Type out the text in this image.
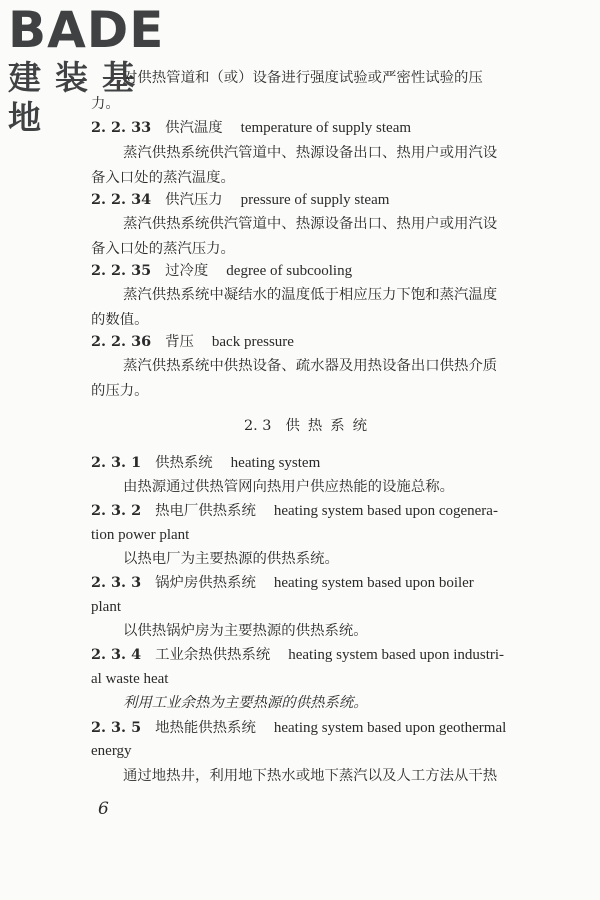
BADE
建装基地
对供热管道和（或）设备进行强度试验或严密性试验的压
力。
2. 2. 33 供汽温度 temperature of supply steam
蒸汽供热系统供汽管道中、热源设备出口、热用户或用汽设
备入口处的蒸汽温度。
2. 2. 34 供汽压力 pressure of supply steam
蒸汽供热系统供汽管道中、热源设备出口、热用户或用汽设
备入口处的蒸汽压力。
2. 2. 35 过冷度 degree of subcooling
蒸汽供热系统中凝结水的温度低于相应压力下饱和蒸汽温度
的数值。
2. 2. 36 背压 back pressure
蒸汽供热系统中供热设备、疏水器及用热设备出口供热介质
的压力。
2. 3 供热系统
2. 3. 1 供热系统 heating system
由热源通过供热管网向热用户供应热能的设施总称。
2. 3. 2 热电厂供热系统 heating system based upon cogenera-
tion power plant
以热电厂为主要热源的供热系统。
2. 3. 3 锅炉房供热系统 heating system based upon boiler
plant
以供热锅炉房为主要热源的供热系统。
2. 3. 4 工业余热供热系统 heating system based upon industri-
al waste heat
利用工业余热为主要热源的供热系统。
2. 3. 5 地热能供热系统 heating system based upon geothermal
energy
通过地热井，利用地下热水或地下蒸汽以及人工方法从干热
6
